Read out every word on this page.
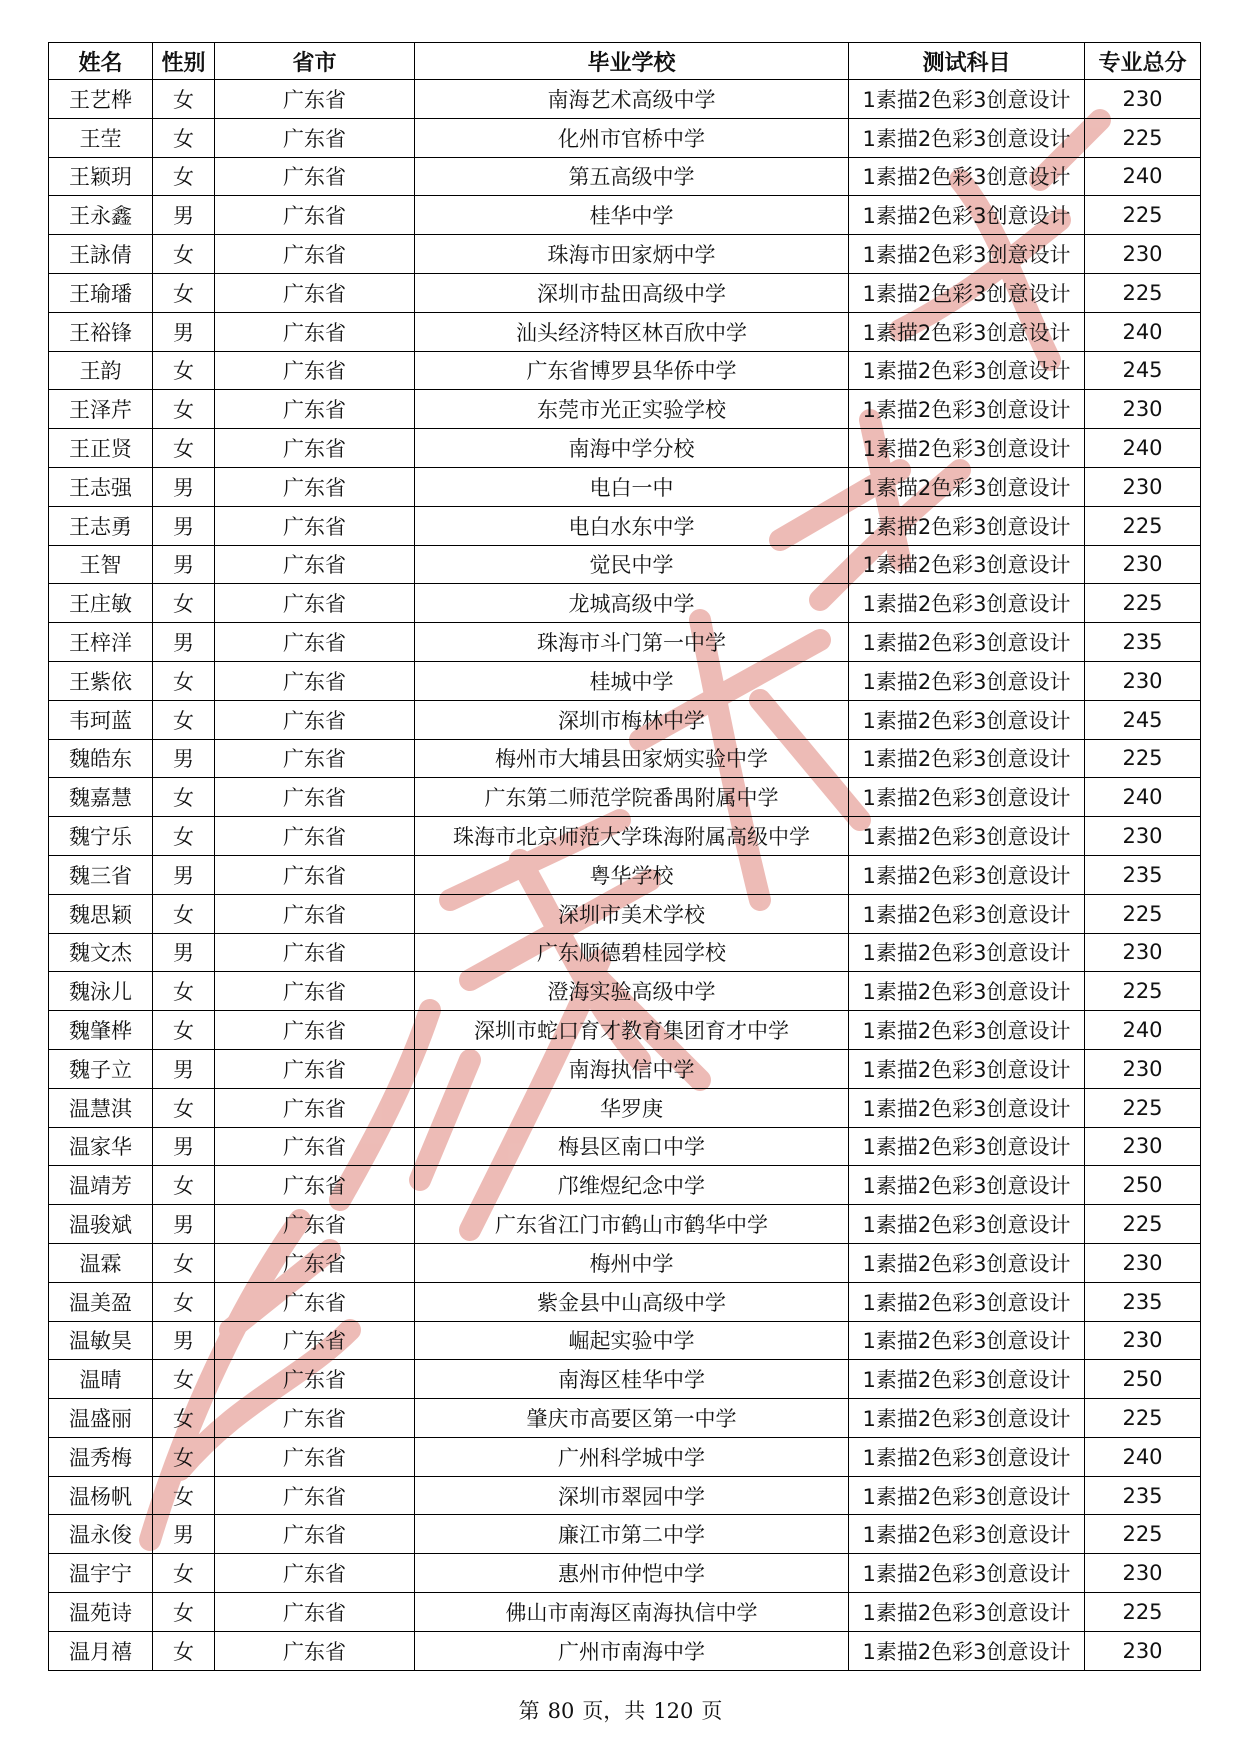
姓名	性别	省市	毕业学校	测试科目	专业总分
王艺桦	女	广东省	南海艺术高级中学	1素描2色彩3创意设计	230
王茔	女	广东省	化州市官桥中学	1素描2色彩3创意设计	225
王颖玥	女	广东省	第五高级中学	1素描2色彩3创意设计	240
王永鑫	男	广东省	桂华中学	1素描2色彩3创意设计	225
王詠倩	女	广东省	珠海市田家炳中学	1素描2色彩3创意设计	230
王瑜璠	女	广东省	深圳市盐田高级中学	1素描2色彩3创意设计	225
王裕锋	男	广东省	汕头经济特区林百欣中学	1素描2色彩3创意设计	240
王韵	女	广东省	广东省博罗县华侨中学	1素描2色彩3创意设计	245
王泽芹	女	广东省	东莞市光正实验学校	1素描2色彩3创意设计	230
王正贤	女	广东省	南海中学分校	1素描2色彩3创意设计	240
王志强	男	广东省	电白一中	1素描2色彩3创意设计	230
王志勇	男	广东省	电白水东中学	1素描2色彩3创意设计	225
王智	男	广东省	觉民中学	1素描2色彩3创意设计	230
王庄敏	女	广东省	龙城高级中学	1素描2色彩3创意设计	225
王梓洋	男	广东省	珠海市斗门第一中学	1素描2色彩3创意设计	235
王紫依	女	广东省	桂城中学	1素描2色彩3创意设计	230
韦珂蓝	女	广东省	深圳市梅林中学	1素描2色彩3创意设计	245
魏皓东	男	广东省	梅州市大埔县田家炳实验中学	1素描2色彩3创意设计	225
魏嘉慧	女	广东省	广东第二师范学院番禺附属中学	1素描2色彩3创意设计	240
魏宁乐	女	广东省	珠海市北京师范大学珠海附属高级中学	1素描2色彩3创意设计	230
魏三省	男	广东省	粤华学校	1素描2色彩3创意设计	235
魏思颖	女	广东省	深圳市美术学校	1素描2色彩3创意设计	225
魏文杰	男	广东省	广东顺德碧桂园学校	1素描2色彩3创意设计	230
魏泳儿	女	广东省	澄海实验高级中学	1素描2色彩3创意设计	225
魏肇桦	女	广东省	深圳市蛇口育才教育集团育才中学	1素描2色彩3创意设计	240
魏子立	男	广东省	南海执信中学	1素描2色彩3创意设计	230
温慧淇	女	广东省	华罗庚	1素描2色彩3创意设计	225
温家华	男	广东省	梅县区南口中学	1素描2色彩3创意设计	230
温靖芳	女	广东省	邝维煜纪念中学	1素描2色彩3创意设计	250
温骏斌	男	广东省	广东省江门市鹤山市鹤华中学	1素描2色彩3创意设计	225
温霖	女	广东省	梅州中学	1素描2色彩3创意设计	230
温美盈	女	广东省	紫金县中山高级中学	1素描2色彩3创意设计	235
温敏昊	男	广东省	崛起实验中学	1素描2色彩3创意设计	230
温晴	女	广东省	南海区桂华中学	1素描2色彩3创意设计	250
温盛丽	女	广东省	肇庆市高要区第一中学	1素描2色彩3创意设计	225
温秀梅	女	广东省	广州科学城中学	1素描2色彩3创意设计	240
温杨帆	女	广东省	深圳市翠园中学	1素描2色彩3创意设计	235
温永俊	男	广东省	廉江市第二中学	1素描2色彩3创意设计	225
温宇宁	女	广东省	惠州市仲恺中学	1素描2色彩3创意设计	230
温苑诗	女	广东省	佛山市南海区南海执信中学	1素描2色彩3创意设计	225
温月禧	女	广东省	广州市南海中学	1素描2色彩3创意设计	230
第 80 页，共 120 页
